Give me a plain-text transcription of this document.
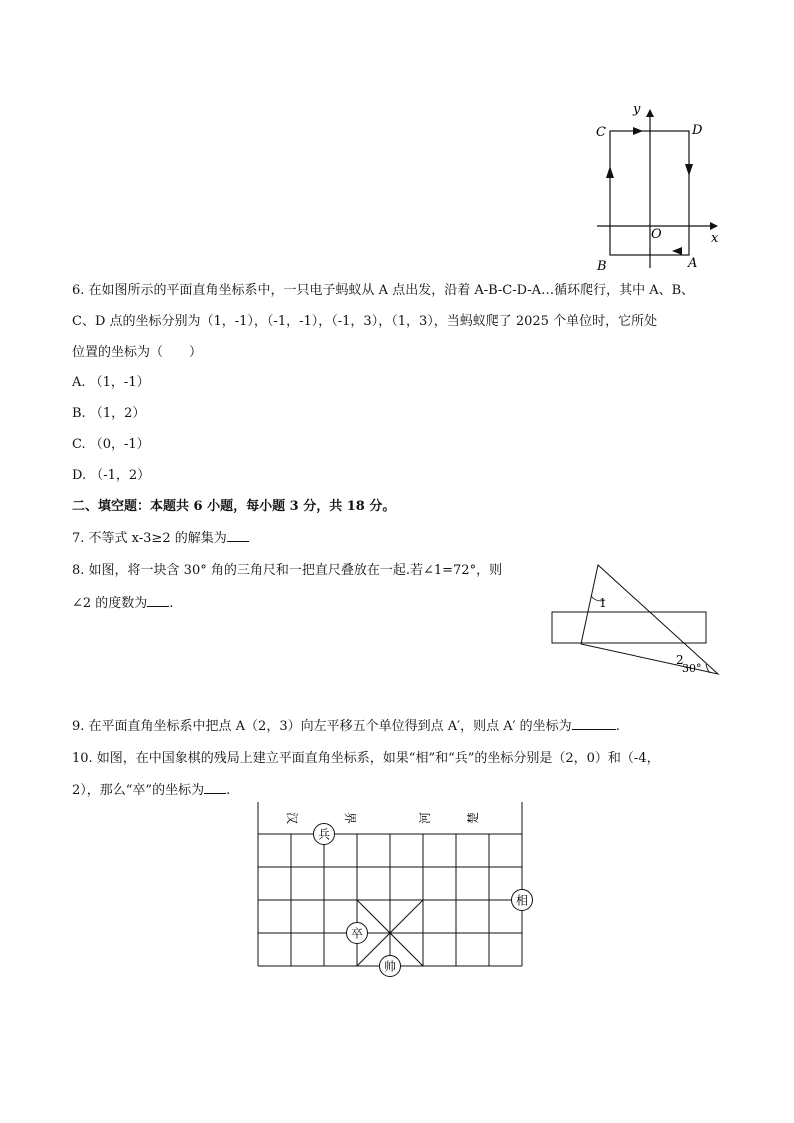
C	D
B	A
O	x
y
6. 在如图所示的平面直角坐标系中，一只电子蚂蚁从 A 点出发，沿着 A-B-C-D-A…循环爬行，其中 A、B、
C、D 点的坐标分别为（1，-1），（-1，-1），（-1，3），（1，3），当蚂蚁爬了 2025 个单位时，它所处
位置的坐标为（　　）
A. （1，-1）
B. （1，2）
C. （0，-1）
D. （-1，2）
二、填空题：本题共 6 小题，每小题 3 分，共 18 分。
7. 不等式 x-3≥2 的解集为
8. 如图，将一块含 30° 角的三角尺和一把直尺叠放在一起.若∠1=72°，则
∠2 的度数为 .	1
2
30°
9. 在平面直角坐标系中把点 A（2，3）向左平移五个单位得到点 A′，则点 A′ 的坐标为	.
10. 如图，在中国象棋的残局上建立平面直角坐标系，如果“相”和“兵”的坐标分别是（2，0）和（-4，
2），那么“卒”的坐标为 .
汉	界	河	楚
兵
相
卒
帅
